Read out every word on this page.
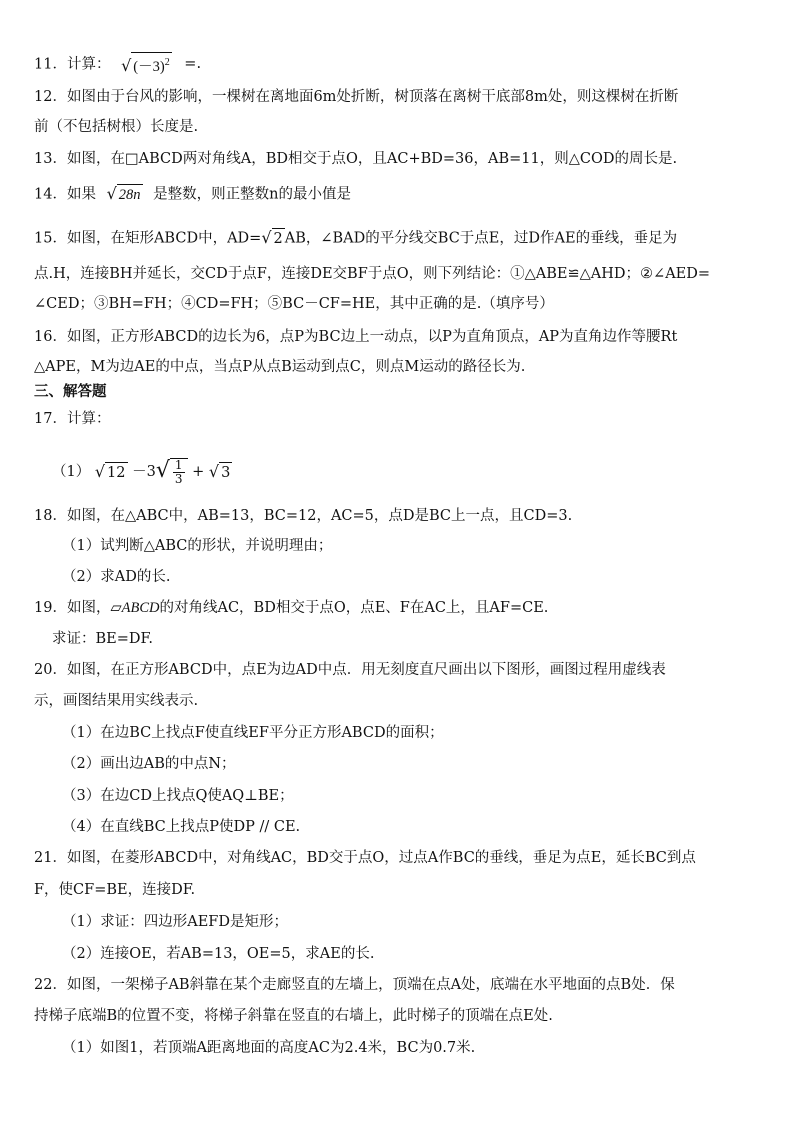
11．计算： √ $(-3)^2$ =.
12．如图由于台风的影响，一棵树在离地面6m处折断，树顶落在离树干底部8m处，则这棵树在折断
前（不包括树根）长度是.
13．如图，在□ABCD两对角线A，BD相交于点O，且AC+BD=36，AB=11，则△COD的周长是.
14．如果 √ 28n 是整数，则正整数n的最小值是
15．如图，在矩形ABCD中，AD=√ 2 AB，∠BAD的平分线交BC于点E，过D作AE的垂线，垂足为
点.H，连接BH并延长，交CD于点F，连接DE交BF于点O，则下列结论：①△ABE≌△AHD；②∠AED=
∠CED；③BH=FH；④CD=FH；⑤BC－CF=HE，其中正确的是.（填序号）
16．如图，正方形ABCD的边长为6，点P为BC边上一动点，以P为直角顶点，AP为直角边作等腰Rt
△APE，M为边AE的中点，当点P从点B运动到点C，则点M运动的路径长为.
三、解答题
17．计算：
（1） √ $12 -3√ \frac{1}{3}$ + √ 3
18．如图，在△ABC中，AB=13，BC=12，AC=5，点D是BC上一点，且CD=3.
（1）试判断△ABC的形状，并说明理由；
（2）求AD的长.
19．如图，▱ABCD的对角线AC，BD相交于点O，点E、F在AC上，且AF=CE.
求证：BE=DF.
20．如图，在正方形ABCD中，点E为边AD中点．用无刻度直尺画出以下图形，画图过程用虚线表
示，画图结果用实线表示.
（1）在边BC上找点F使直线EF平分正方形ABCD的面积；
（2）画出边AB的中点N；
（3）在边CD上找点Q使AQ⊥BE；
（4）在直线BC上找点P使DP // CE.
21．如图，在菱形ABCD中，对角线AC，BD交于点O，过点A作BC的垂线，垂足为点E，延长BC到点
F，使CF=BE，连接DF.
（1）求证：四边形AEFD是矩形；
（2）连接OE，若AB=13，OE=5，求AE的长.
22．如图，一架梯子AB斜靠在某个走廊竖直的左墙上，顶端在点A处，底端在水平地面的点B处．保
持梯子底端B的位置不变，将梯子斜靠在竖直的右墙上，此时梯子的顶端在点E处.
（1）如图1，若顶端A距离地面的高度AC为2.4米，BC为0.7米.
